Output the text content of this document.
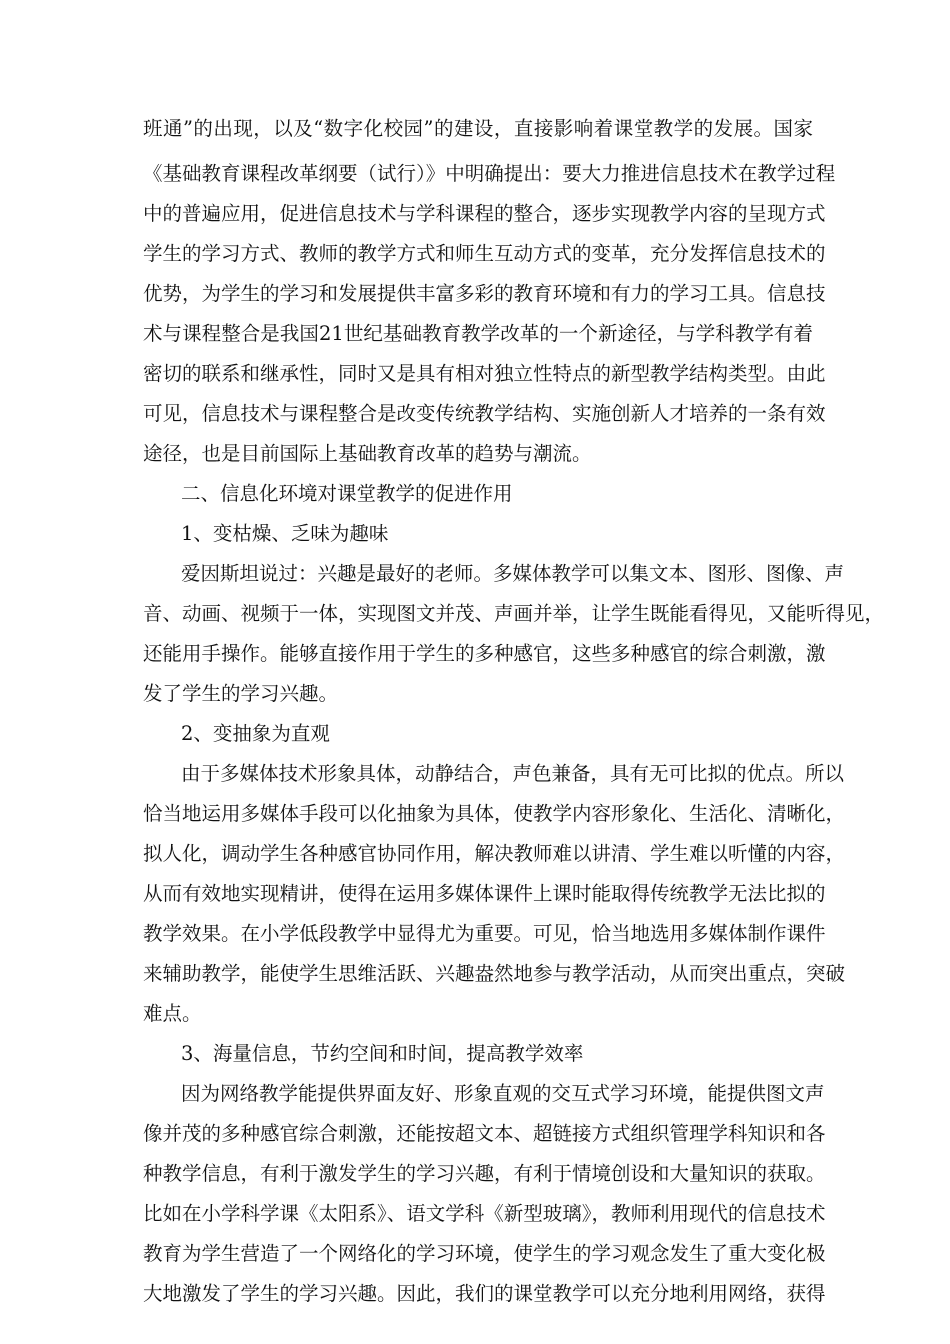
班通”的出现，以及“数字化校园”的建设，直接影响着课堂教学的发展。国家
《基础教育课程改革纲要（试行）》中明确提出：要大力推进信息技术在教学过程
中的普遍应用，促进信息技术与学科课程的整合，逐步实现教学内容的呈现方式
学生的学习方式、教师的教学方式和师生互动方式的变革，充分发挥信息技术的
优势，为学生的学习和发展提供丰富多彩的教育环境和有力的学习工具。信息技
术与课程整合是我国21世纪基础教育教学改革的一个新途径，与学科教学有着
密切的联系和继承性，同时又是具有相对独立性特点的新型教学结构类型。由此
可见，信息技术与课程整合是改变传统教学结构、实施创新人才培养的一条有效
途径，也是目前国际上基础教育改革的趋势与潮流。
二、信息化环境对课堂教学的促进作用
1、变枯燥、乏味为趣味
爱因斯坦说过：兴趣是最好的老师。多媒体教学可以集文本、图形、图像、声
音、动画、视频于一体，实现图文并茂、声画并举，让学生既能看得见，又能听得见，
还能用手操作。能够直接作用于学生的多种感官，这些多种感官的综合刺激，激
发了学生的学习兴趣。
2、变抽象为直观
由于多媒体技术形象具体，动静结合，声色兼备，具有无可比拟的优点。所以
恰当地运用多媒体手段可以化抽象为具体，使教学内容形象化、生活化、清晰化，
拟人化，调动学生各种感官协同作用，解决教师难以讲清、学生难以听懂的内容，
从而有效地实现精讲，使得在运用多媒体课件上课时能取得传统教学无法比拟的
教学效果。在小学低段教学中显得尤为重要。可见，恰当地选用多媒体制作课件
来辅助教学，能使学生思维活跃、兴趣盎然地参与教学活动，从而突出重点，突破
难点。
3、海量信息，节约空间和时间，提高教学效率
因为网络教学能提供界面友好、形象直观的交互式学习环境，能提供图文声
像并茂的多种感官综合刺激，还能按超文本、超链接方式组织管理学科知识和各
种教学信息，有利于激发学生的学习兴趣，有利于情境创设和大量知识的获取。
比如在小学科学课《太阳系》、语文学科《新型玻璃》，教师利用现代的信息技术
教育为学生营造了一个网络化的学习环境，使学生的学习观念发生了重大变化极
大地激发了学生的学习兴趣。因此，我们的课堂教学可以充分地利用网络，获得
